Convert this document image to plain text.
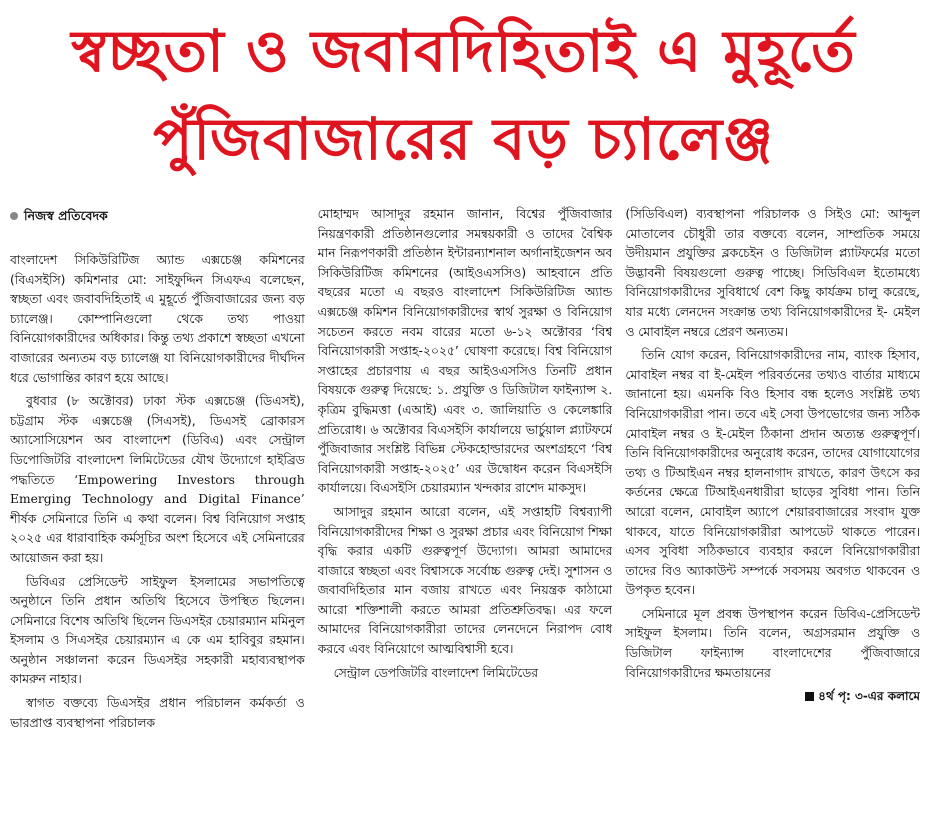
স্বচ্ছতা ও জবাবদিহিতাই এ মুহূর্তে
পুঁজিবাজারের বড় চ্যালেঞ্জ
নিজস্ব প্রতিবেদক

বাংলাদেশ সিকিউরিটিজ অ্যান্ড এক্সচেঞ্জ কমিশনের (বিএসইসি) কমিশনার মো: সাইফুদ্দিন সিএফএ বলেছেন, স্বচ্ছতা এবং জবাবদিহিতাই এ মুহূর্তে পুঁজিবাজারের জন্য বড় চ্যালেঞ্জ। কোম্পানিগুলো থেকে তথ্য পাওয়া বিনিয়োগকারীদের অধিকার। কিন্তু তথ্য প্রকাশে স্বচ্ছতা এখনো বাজারের অন্যতম বড় চ্যালেঞ্জ যা বিনিয়োগকারীদের দীর্ঘদিন ধরে ভোগান্তির কারণ হয়ে আছে।

বুধবার (৮ অক্টোবর) ঢাকা স্টক এক্সচেঞ্জ (ডিএসই), চট্টগ্রাম স্টক এক্সচেঞ্জ (সিএসই), ডিএসই ব্রোকারস অ্যাসোসিয়েশন অব বাংলাদেশ (ডিবিএ) এবং সেন্ট্রাল ডিপোজিটরি বাংলাদেশ লিমিটেডের যৌথ উদ্যোগে হাইব্রিড পদ্ধতিতে ‘Empowering Investors through Emerging Technology and Digital Finance’ শীর্ষক সেমিনারে তিনি এ কথা বলেন। বিশ্ব বিনিয়োগ সপ্তাহ ২০২৫ এর ধারাবাহিক কর্মসূচির অংশ হিসেবে এই সেমিনারের আয়োজন করা হয়।

ডিবিএর প্রেসিডেন্ট সাইফুল ইসলামের সভাপতিত্বে অনুষ্ঠানে তিনি প্রধান অতিথি হিসেবে উপস্থিত ছিলেন। সেমিনারে বিশেষ অতিথি ছিলেন ডিএসইর চেয়ারম্যান মমিনুল ইসলাম ও সিএসইর চেয়ারম্যান এ কে এম হাবিবুর রহমান। অনুষ্ঠান সঞ্চালনা করেন ডিএসইর সহকারী মহাব্যবস্থাপক কামরুন নাহার।

স্বাগত বক্তব্যে ডিএসইর প্রধান পরিচালন কর্মকর্তা ও ভারপ্রাপ্ত ব্যবস্থাপনা পরিচালক

মোহাম্মদ আসাদুর রহমান জানান, বিশ্বের পুঁজিবাজার নিয়ন্ত্রণকারী প্রতিষ্ঠানগুলোর সমন্বয়কারী ও তাদের বৈশ্বিক মান নিরূপণকারী প্রতিষ্ঠান ইন্টারন্যাশনাল অর্গানাইজেশন অব সিকিউরিটিজ কমিশনের (আইওএসসিও) আহবানে প্রতি বছরের মতো এ বছরও বাংলাদেশ সিকিউরিটিজ অ্যান্ড এক্সচেঞ্জ কমিশন বিনিয়োগকারীদের স্বার্থ সুরক্ষা ও বিনিয়োগ সচেতন করতে নবম বারের মতো ৬-১২ অক্টোবর ‘বিশ্ব বিনিয়োগকারী সপ্তাহ-২০২৫’ ঘোষণা করেছে। বিশ্ব বিনিয়োগ সপ্তাহের প্রচারণায় এ বছর আইওএসসিও তিনটি প্রধান বিষয়কে গুরুত্ব দিয়েছে: ১. প্রযুক্তি ও ডিজিটাল ফাইন্যান্স ২. কৃত্রিম বুদ্ধিমত্তা (এআই) এবং ৩. জালিয়াতি ও কেলেঙ্কারি প্রতিরোধ। ৬ অক্টোবর বিএসইসি কার্যালয়ে ভার্চুয়াল প্ল্যাটফর্মে পুঁজিবাজার সংশ্লিষ্ট বিভিন্ন স্টেকহোল্ডারদের অংশগ্রহণে ‘বিশ্ব বিনিয়োগকারী সপ্তাহ-২০২৫’ এর উদ্বোধন করেন বিএসইসি কার্যালয়ে। বিএসইসি চেয়ারম্যান খন্দকার রাশেদ মাকসুদ।

আসাদুর রহমান আরো বলেন, এই সপ্তাহটি বিশ্বব্যাপী বিনিয়োগকারীদের শিক্ষা ও সুরক্ষা প্রচার এবং বিনিয়োগ শিক্ষা বৃদ্ধি করার একটি গুরুত্বপূর্ণ উদ্যোগ। আমরা আমাদের বাজারে স্বচ্ছতা এবং বিশ্বাসকে সর্বোচ্চ গুরুত্ব দেই। সুশাসন ও জবাবদিহিতার মান বজায় রাখতে এবং নিয়ন্ত্রক কাঠামো আরো শক্তিশালী করতে আমরা প্রতিশ্রুতিবদ্ধ। এর ফলে আমাদের বিনিয়োগকারীরা তাদের লেনদেনে নিরাপদ বোধ করবে এবং বিনিয়োগে আত্মবিশ্বাসী হবে।

সেন্ট্রাল ডেপজিটরি বাংলাদেশ লিমিটেডের

(সিডিবিএল) ব্যবস্থাপনা পরিচালক ও সিইও মো: আব্দুল মোতালেব চৌধুরী তার বক্তব্যে বলেন, সাম্প্রতিক সময়ে উদীয়মান প্রযুক্তির ব্লকচেইন ও ডিজিটাল প্ল্যাটফর্মের মতো উদ্ভাবনী বিষয়গুলো গুরুত্ব পাচ্ছে। সিডিবিএল ইতোমধ্যে বিনিয়োগকারীদের সুবিধার্থে বেশ কিছু কার্যক্রম চালু করেছে, যার মধ্যে লেনদেন সংক্রান্ত তথ্য বিনিয়োগকারীদের ই- মেইল ও মোবাইল নম্বরে প্রেরণ অন্যতম।

তিনি যোগ করেন, বিনিয়োগকারীদের নাম, ব্যাংক হিসাব, মোবাইল নম্বর বা ই-মেইল পরিবর্তনের তথ্যও বার্তার মাধ্যমে জানানো হয়। এমনকি বিও হিসাব বন্ধ হলেও সংশ্লিষ্ট তথ্য বিনিয়োগকারীরা পান। তবে এই সেবা উপভোগের জন্য সঠিক মোবাইল নম্বর ও ই-মেইল ঠিকানা প্রদান অত্যন্ত গুরুত্বপূর্ণ। তিনি বিনিয়োগকারীদের অনুরোধ করেন, তাদের যোগাযোগের তথ্য ও টিআইএন নম্বর হালনাগাদ রাখতে, কারণ উৎসে কর কর্তনের ক্ষেত্রে টিআইএনধারীরা ছাড়ের সুবিধা পান। তিনি আরো বলেন, মোবাইল অ্যাপে শেয়ারবাজারের সংবাদ যুক্ত থাকবে, যাতে বিনিয়োগকারীরা আপডেট থাকতে পারেন। এসব সুবিধা সঠিকভাবে ব্যবহার করলে বিনিয়োগকারীরা তাদের বিও অ্যাকাউন্ট সম্পর্কে সবসময় অবগত থাকবেন ও উপকৃত হবেন।

সেমিনারে মূল প্রবন্ধ উপস্থাপন করেন ডিবিএ-প্রেসিডেন্ট সাইফুল ইসলাম। তিনি বলেন, অগ্রসরমান প্রযুক্তি ও ডিজিটাল ফাইন্যান্স বাংলাদেশের পুঁজিবাজারে বিনিয়োগকারীদের ক্ষমতায়নের

৪র্থ পৃ: ৩-এর কলামে
